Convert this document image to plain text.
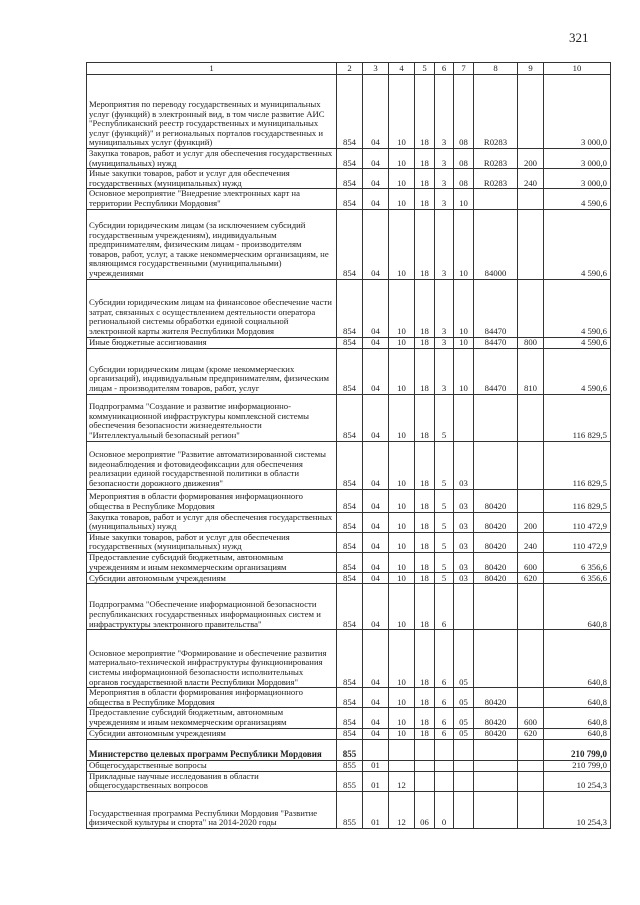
321
1	2	3	4	5	6	7	8	9	10
Мероприятия по переводу государственных и муниципальных услуг (функций) в электронный вид, в том числе развитие АИС "Республиканский реестр государственных и муниципальных услуг (функций)" и региональных порталов государственных и муниципальных услуг (функций)	854	04	10	18	3	08	R0283		3 000,0
Закупка товаров, работ и услуг для обеспечения государственных (муниципальных) нужд	854	04	10	18	3	08	R0283	200	3 000,0
Иные закупки товаров, работ и услуг для обеспечения государственных (муниципальных) нужд	854	04	10	18	3	08	R0283	240	3 000,0
Основное мероприятие "Внедрение электронных карт на территории Республики Мордовия"	854	04	10	18	3	10			4 590,6
Субсидии юридическим лицам (за исключением субсидий государственным учреждениям), индивидуальным предпринимателям, физическим лицам - производителям товаров, работ, услуг, а также некоммерческим организациям, не являющимся государственными (муниципальными) учреждениями	854	04	10	18	3	10	84000		4 590,6
Субсидии юридическим лицам на финансовое обеспечение части затрат, связанных с осуществлением деятельности оператора региональной системы обработки единой социальной электронной карты жителя Республики Мордовия	854	04	10	18	3	10	84470		4 590,6
Иные бюджетные ассигнования	854	04	10	18	3	10	84470	800	4 590,6
Субсидии юридическим лицам (кроме некоммерческих организаций), индивидуальным предпринимателям, физическим лицам - производителям товаров, работ, услуг	854	04	10	18	3	10	84470	810	4 590,6
Подпрограмма "Создание и развитие информационно-коммуникационной инфраструктуры комплексной системы обеспечения безопасности жизнедеятельности "Интеллектуальный безопасный регион"	854	04	10	18	5				116 829,5
Основное мероприятие "Развитие автоматизированной системы видеонаблюдения и фотовидеофиксации для обеспечения реализации единой государственной политики в области безопасности дорожного движения"	854	04	10	18	5	03			116 829,5
Мероприятия в области формирования информационного общества в Республике Мордовия	854	04	10	18	5	03	80420		116 829,5
Закупка товаров, работ и услуг для обеспечения государственных (муниципальных) нужд	854	04	10	18	5	03	80420	200	110 472,9
Иные закупки товаров, работ и услуг для обеспечения государственных (муниципальных) нужд	854	04	10	18	5	03	80420	240	110 472,9
Предоставление субсидий бюджетным, автономным учреждениям и иным некоммерческим организациям	854	04	10	18	5	03	80420	600	6 356,6
Субсидии автономным учреждениям	854	04	10	18	5	03	80420	620	6 356,6
Подпрограмма "Обеспечение информационной безопасности республиканских государственных информационных систем и инфраструктуры электронного правительства"	854	04	10	18	6				640,8
Основное мероприятие "Формирование и обеспечение развития материально-технической инфраструктуры функционирования системы информационной безопасности исполнительных органов государственной власти Республики Мордовия"	854	04	10	18	6	05			640,8
Мероприятия в области формирования информационного общества в Республике Мордовия	854	04	10	18	6	05	80420		640,8
Предоставление субсидий бюджетным, автономным учреждениям и иным некоммерческим организациям	854	04	10	18	6	05	80420	600	640,8
Субсидии автономным учреждениям	854	04	10	18	6	05	80420	620	640,8
Министерство целевых программ Республики Мордовия	855								210 799,0
Общегосударственные вопросы	855	01							210 799,0
Прикладные научные исследования в области общегосударственных вопросов	855	01	12						10 254,3
Государственная программа Республики Мордовия "Развитие физической культуры и спорта" на 2014-2020 годы	855	01	12	06	0				10 254,3
